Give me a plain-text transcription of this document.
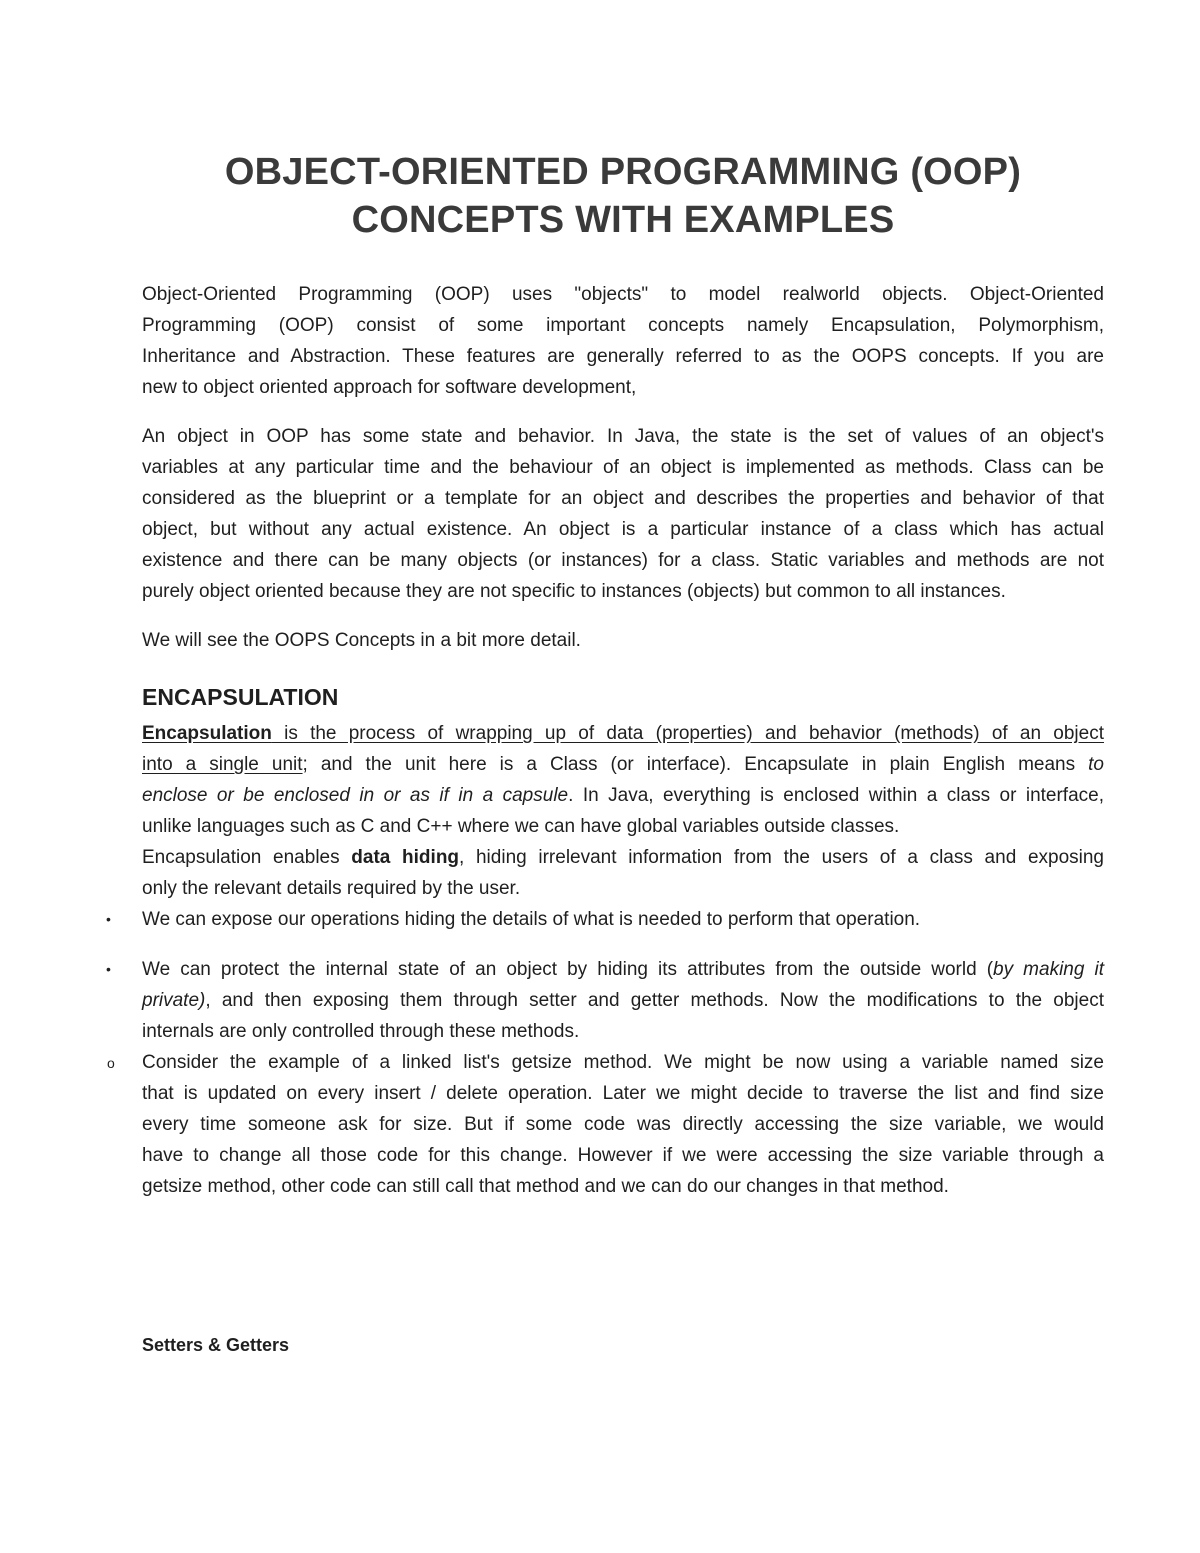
OBJECT-ORIENTED PROGRAMMING (OOP)
CONCEPTS WITH EXAMPLES
Object-Oriented Programming (OOP) uses "objects" to model realworld objects. Object-Oriented
Programming (OOP) consist of some important concepts namely Encapsulation, Polymorphism,
Inheritance and Abstraction. These features are generally referred to as the OOPS concepts. If you are
new to object oriented approach for software development,
An object in OOP has some state and behavior. In Java, the state is the set of values of an object's
variables at any particular time and the behaviour of an object is implemented as methods. Class can be
considered as the blueprint or a template for an object and describes the properties and behavior of that
object, but without any actual existence. An object is a particular instance of a class which has actual
existence and there can be many objects (or instances) for a class. Static variables and methods are not
purely object oriented because they are not specific to instances (objects) but common to all instances.
We will see the OOPS Concepts in a bit more detail.
ENCAPSULATION
Encapsulation is the process of wrapping up of data (properties) and behavior (methods) of an object
into a single unit; and the unit here is a Class (or interface). Encapsulate in plain English means to
enclose or be enclosed in or as if in a capsule. In Java, everything is enclosed within a class or interface,
unlike languages such as C and C++ where we can have global variables outside classes.
Encapsulation enables data hiding, hiding irrelevant information from the users of a class and exposing
only the relevant details required by the user.
• We can expose our operations hiding the details of what is needed to perform that operation.
• We can protect the internal state of an object by hiding its attributes from the outside world (by making it
private), and then exposing them through setter and getter methods. Now the modifications to the object
internals are only controlled through these methods.
o Consider the example of a linked list's getsize method. We might be now using a variable named size
that is updated on every insert / delete operation. Later we might decide to traverse the list and find size
every time someone ask for size. But if some code was directly accessing the size variable, we would
have to change all those code for this change. However if we were accessing the size variable through a
getsize method, other code can still call that method and we can do our changes in that method.
Setters & Getters
